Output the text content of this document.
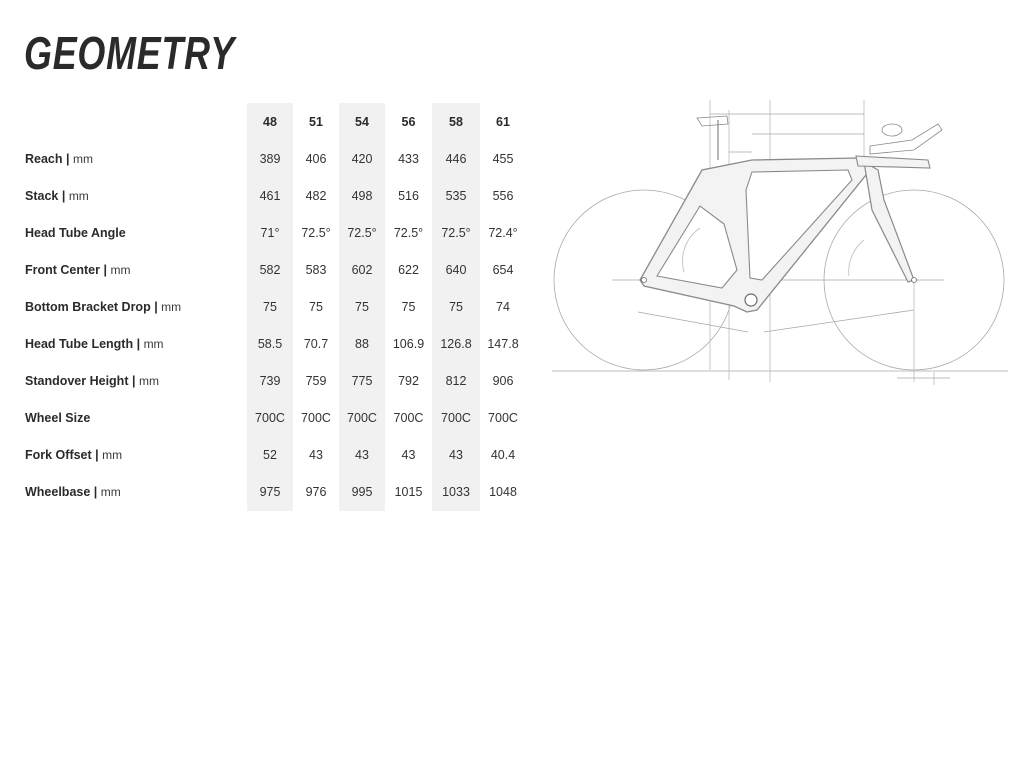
GEOMETRY
	48	51	54	56	58	61
Reach | mm	389	406	420	433	446	455
Stack | mm	461	482	498	516	535	556
Head Tube Angle	71°	72.5°	72.5°	72.5°	72.5°	72.4°
Front Center | mm	582	583	602	622	640	654
Bottom Bracket Drop | mm	75	75	75	75	75	74
Head Tube Length | mm	58.5	70.7	88	106.9	126.8	147.8
Standover Height | mm	739	759	775	792	812	906
Wheel Size	700C	700C	700C	700C	700C	700C
Fork Offset | mm	52	43	43	43	43	40.4
Wheelbase | mm	975	976	995	1015	1033	1048
